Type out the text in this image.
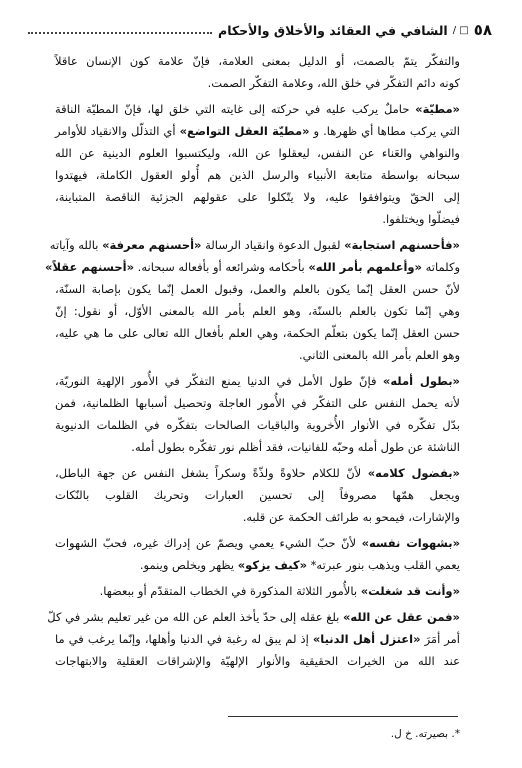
٥٨
□ /
الشافي في العقائد والأخلاق والأحكام
والتفكّر يتمّ بالصمت، أو الدليل بمعنى العلامة، فإنّ علامة كون الإنسان عاقلاً
كونه دائم التفكّر في خلق الله، وعلامة التفكّر الصمت.
«مطيّة» حاملٌ يركب عليه في حركته إلى غايته التي خلق لها، فإنّ المطيّة الناقة
التي يركب مطاها أي ظهرها. و «مطيّة العقل التواضع» أي التذلّل والانقياد للأوامر
والنواهي والعَناء عن النفس، ليعقلوا عن الله، وليكتسبوا العلوم الدينية عن الله
سبحانه بواسطة متابعة الأنبياء والرسل الذين هم أُولو العقول الكاملة، فيهتدوا
إلى الحقّ ويتوافقوا عليه، ولا يتّكلوا على عقولهم الجزئية الناقصة المتباينة،
فيضلّوا ويختلفوا.
«فأحسنهم استجابة» لقبول الدعوة وانقياد الرسالة «أحسنهم معرفة» بالله وآياته
وكلماته «وأعلمهم بأمر الله» بأحكامه وشرائعه أو بأفعاله سبحانه. «أحسنهم عقلاً»
لأنّ حسن العقل إنّما يكون بالعلم والعمل، وقبول العمل إنّما يكون بإصابة السنّة،
وهي إنّما تكون بالعلم بالسنّة، وهو العلم بأمر الله بالمعنى الأوّل، أو نقول: إنّ
حسن العقل إنّما يكون بتعلّم الحكمة، وهي العلم بأفعال الله تعالى على ما هي عليه،
وهو العلم بأمر الله بالمعنى الثاني.
«بطول أمله» فإنّ طول الأمل في الدنيا يمنع التفكّر في الأُمور الإلهية النوريّة،
لأنه يحمل النفس على التفكّر في الأُمور العاجلة وتحصيل أسبابها الظلمانية، فمن
بدّل تفكّره في الأنوار الأُخروية والباقيات الصالحات بتفكّره في الظلمات الدنيوية
الناشئة عن طول أمله وحبّه للفانيات، فقد أظلم نور تفكّره بطول أمله.
«بفضول كلامه» لأنّ للكلام حلاوةً ولذّةً وسكراً يشغل النفس عن جهة الباطل،
ويجعل همّها مصروفاً إلى تحسين العبارات وتحريك القلوب بالنّكات
والإشارات، فيمحو به طرائف الحكمة عن قلبه.
«بشهوات نفسه» لأنّ حبّ الشيء يعمي ويصمّ عن إدراك غيره، فحبّ الشهوات
يعمي القلب ويذهب بنور عبرته* «كيف يزكو» يظهر ويخلص وينمو.
«وأنت قد شغلت» بالأُمور الثلاثة المذكورة في الخطاب المتقدّم أو ببعضها.
«فمن عقل عن الله» بلغ عقله إلى حدّ يأخذ العلم عن الله من غير تعليم بشر في كلّ
أمر أمَرَ «اعتزل أهل الدنيا» إذ لم يبق له رغبة في الدنيا وأهلها، وإنّما يرغب في ما
عند الله من الخيرات الحقيقية والأنوار الإلهيّة والإشراقات العقلية والابتهاجات
*. بصيرته. خ ل.
